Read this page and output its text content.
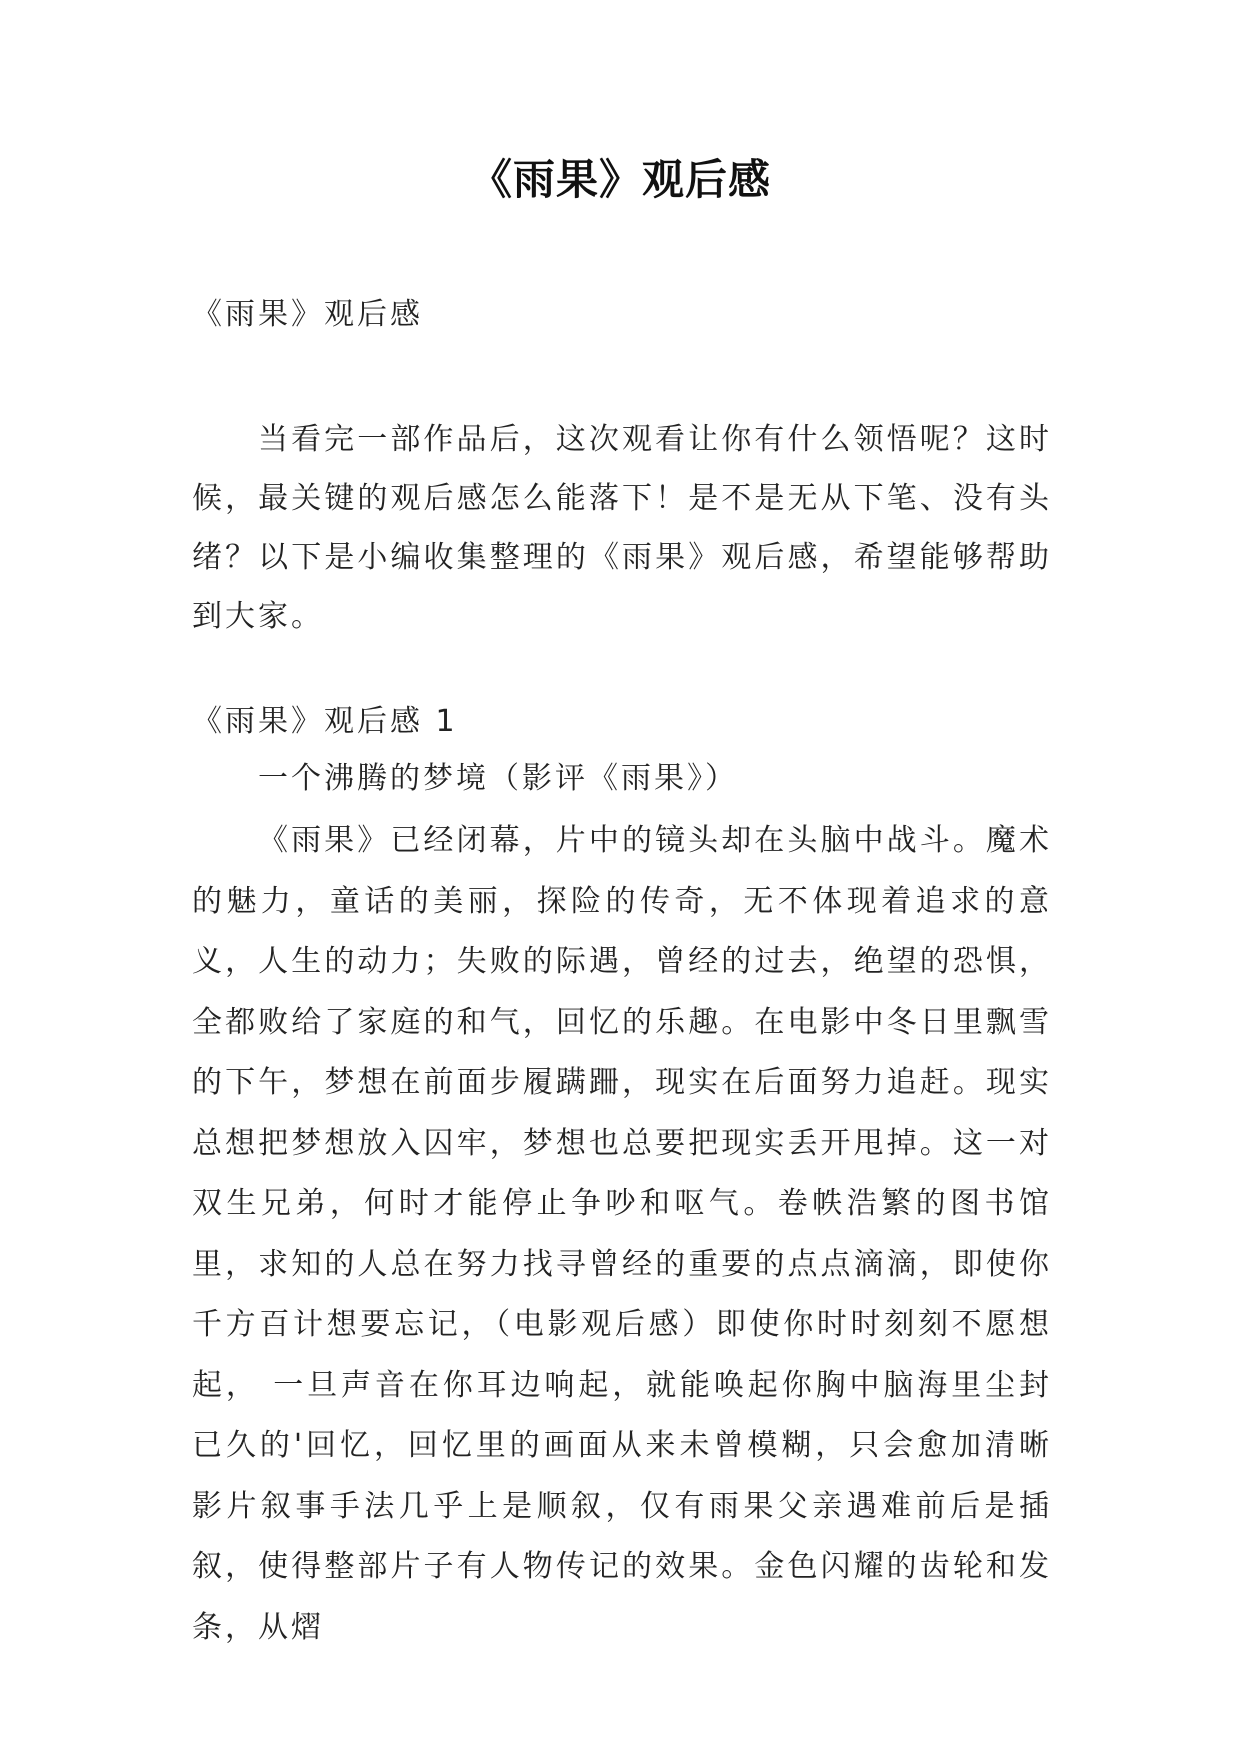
《雨果》观后感
《雨果》观后感
当看完一部作品后，这次观看让你有什么领悟呢？这时候，最关键的观后感怎么能落下！是不是无从下笔、没有头绪？以下是小编收集整理的《雨果》观后感，希望能够帮助到大家。
《雨果》观后感 1
一个沸腾的梦境（影评《雨果》）
《雨果》已经闭幕，片中的镜头却在头脑中战斗。魔术的魅力，童话的美丽，探险的传奇，无不体现着追求的意义，人生的动力；失败的际遇，曾经的过去，绝望的恐惧，全都败给了家庭的和气，回忆的乐趣。在电影中冬日里飘雪的下午，梦想在前面步履蹒跚，现实在后面努力追赶。现实总想把梦想放入囚牢，梦想也总要把现实丢开甩掉。这一对双生兄弟，何时才能停止争吵和呕气。卷帙浩繁的图书馆里，求知的人总在努力找寻曾经的重要的点点滴滴，即使你千方百计想要忘记，（电影观后感）即使你时时刻刻不愿想起， 一旦声音在你耳边响起，就能唤起你胸中脑海里尘封已久的'回忆，回忆里的画面从来未曾模糊，只会愈加清晰 影片叙事手法几乎上是顺叙，仅有雨果父亲遇难前后是插叙，使得整部片子有人物传记的效果。金色闪耀的齿轮和发条，从熠
